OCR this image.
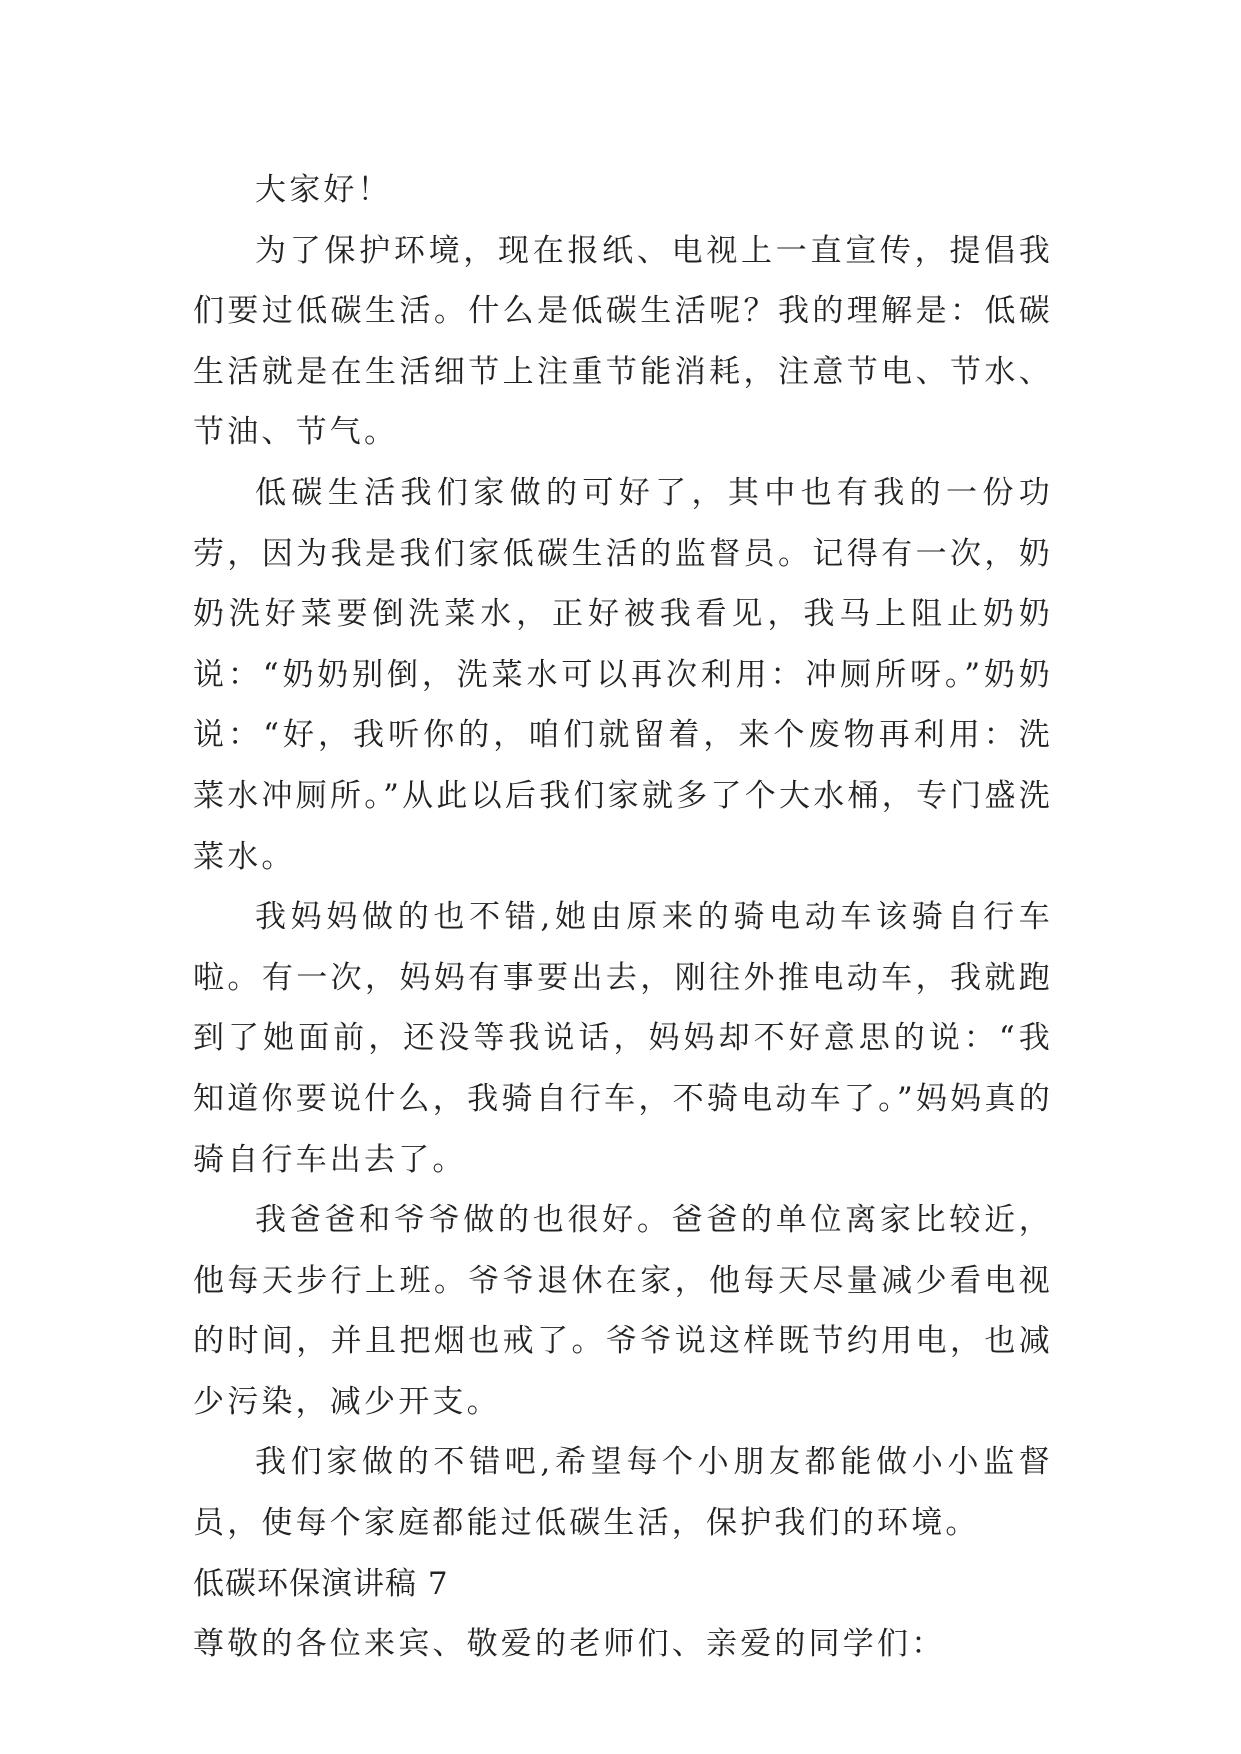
大家好！

为了保护环境，现在报纸、电视上一直宣传，提倡我们要过低碳生活。什么是低碳生活呢？我的理解是：低碳生活就是在生活细节上注重节能消耗，注意节电、节水、节油、节气。

低碳生活我们家做的可好了，其中也有我的一份功劳，因为我是我们家低碳生活的监督员。记得有一次，奶奶洗好菜要倒洗菜水，正好被我看见，我马上阻止奶奶说：“奶奶别倒，洗菜水可以再次利用：冲厕所呀。”奶奶说：“好，我听你的，咱们就留着，来个废物再利用：洗菜水冲厕所。”从此以后我们家就多了个大水桶，专门盛洗菜水。

我妈妈做的也不错,她由原来的骑电动车该骑自行车啦。有一次，妈妈有事要出去，刚往外推电动车，我就跑到了她面前，还没等我说话，妈妈却不好意思的说：“我知道你要说什么，我骑自行车，不骑电动车了。”妈妈真的骑自行车出去了。

我爸爸和爷爷做的也很好。爸爸的单位离家比较近，他每天步行上班。爷爷退休在家，他每天尽量减少看电视的时间，并且把烟也戒了。爷爷说这样既节约用电，也减少污染，减少开支。

我们家做的不错吧,希望每个小朋友都能做小小监督员，使每个家庭都能过低碳生活，保护我们的环境。

低碳环保演讲稿 7

尊敬的各位来宾、敬爱的老师们、亲爱的同学们：
